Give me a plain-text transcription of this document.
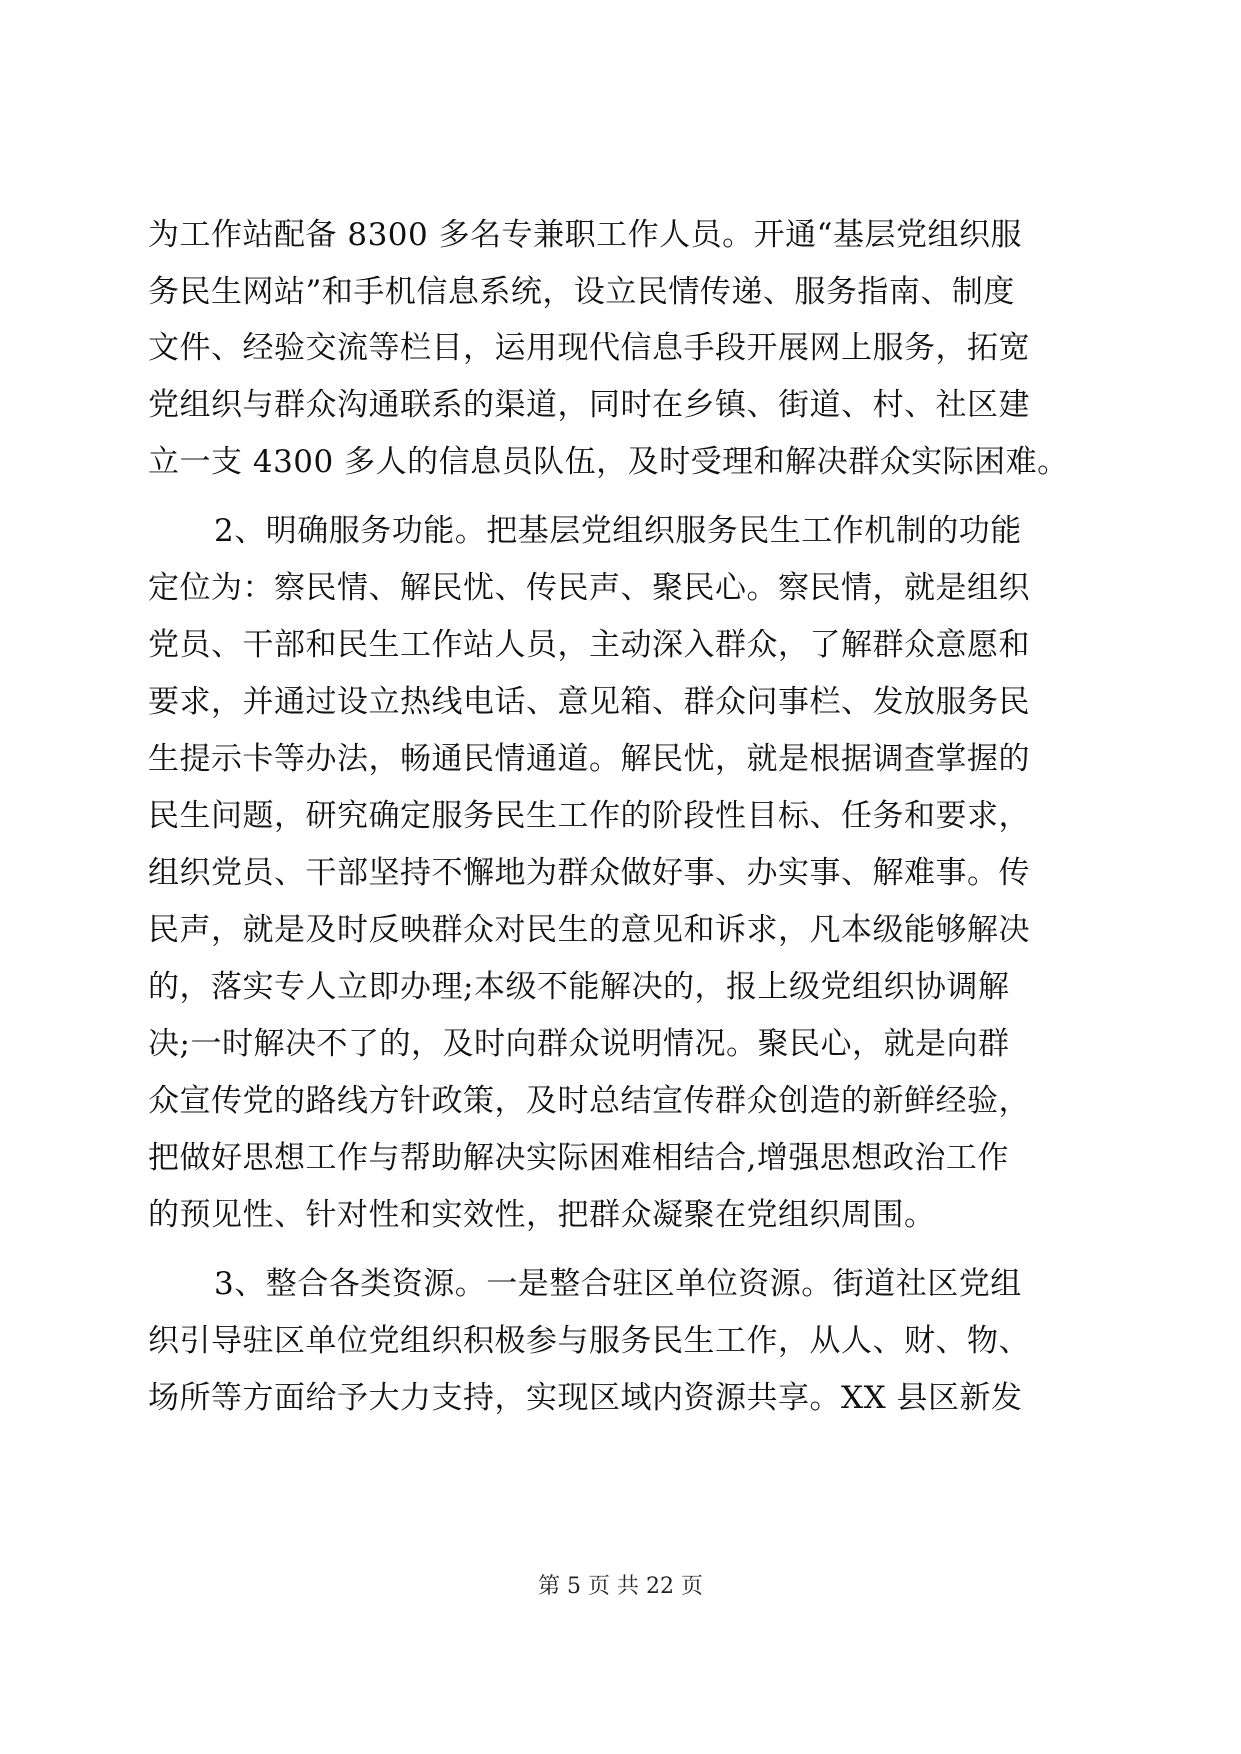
为工作站配备 8300 多名专兼职工作人员。开通“基层党组织服
务民生网站”和手机信息系统，设立民情传递、服务指南、制度
文件、经验交流等栏目，运用现代信息手段开展网上服务，拓宽
党组织与群众沟通联系的渠道，同时在乡镇、街道、村、社区建
立一支 4300 多人的信息员队伍，及时受理和解决群众实际困难。
2、明确服务功能。把基层党组织服务民生工作机制的功能
定位为：察民情、解民忧、传民声、聚民心。察民情，就是组织
党员、干部和民生工作站人员，主动深入群众，了解群众意愿和
要求，并通过设立热线电话、意见箱、群众问事栏、发放服务民
生提示卡等办法，畅通民情通道。解民忧，就是根据调查掌握的
民生问题，研究确定服务民生工作的阶段性目标、任务和要求，
组织党员、干部坚持不懈地为群众做好事、办实事、解难事。传
民声，就是及时反映群众对民生的意见和诉求，凡本级能够解决
的，落实专人立即办理;本级不能解决的，报上级党组织协调解
决;一时解决不了的，及时向群众说明情况。聚民心，就是向群
众宣传党的路线方针政策，及时总结宣传群众创造的新鲜经验，
把做好思想工作与帮助解决实际困难相结合,增强思想政治工作
的预见性、针对性和实效性，把群众凝聚在党组织周围。
3、整合各类资源。一是整合驻区单位资源。街道社区党组
织引导驻区单位党组织积极参与服务民生工作，从人、财、物、
场所等方面给予大力支持，实现区域内资源共享。XX 县区新发
第 5 页 共 22 页
